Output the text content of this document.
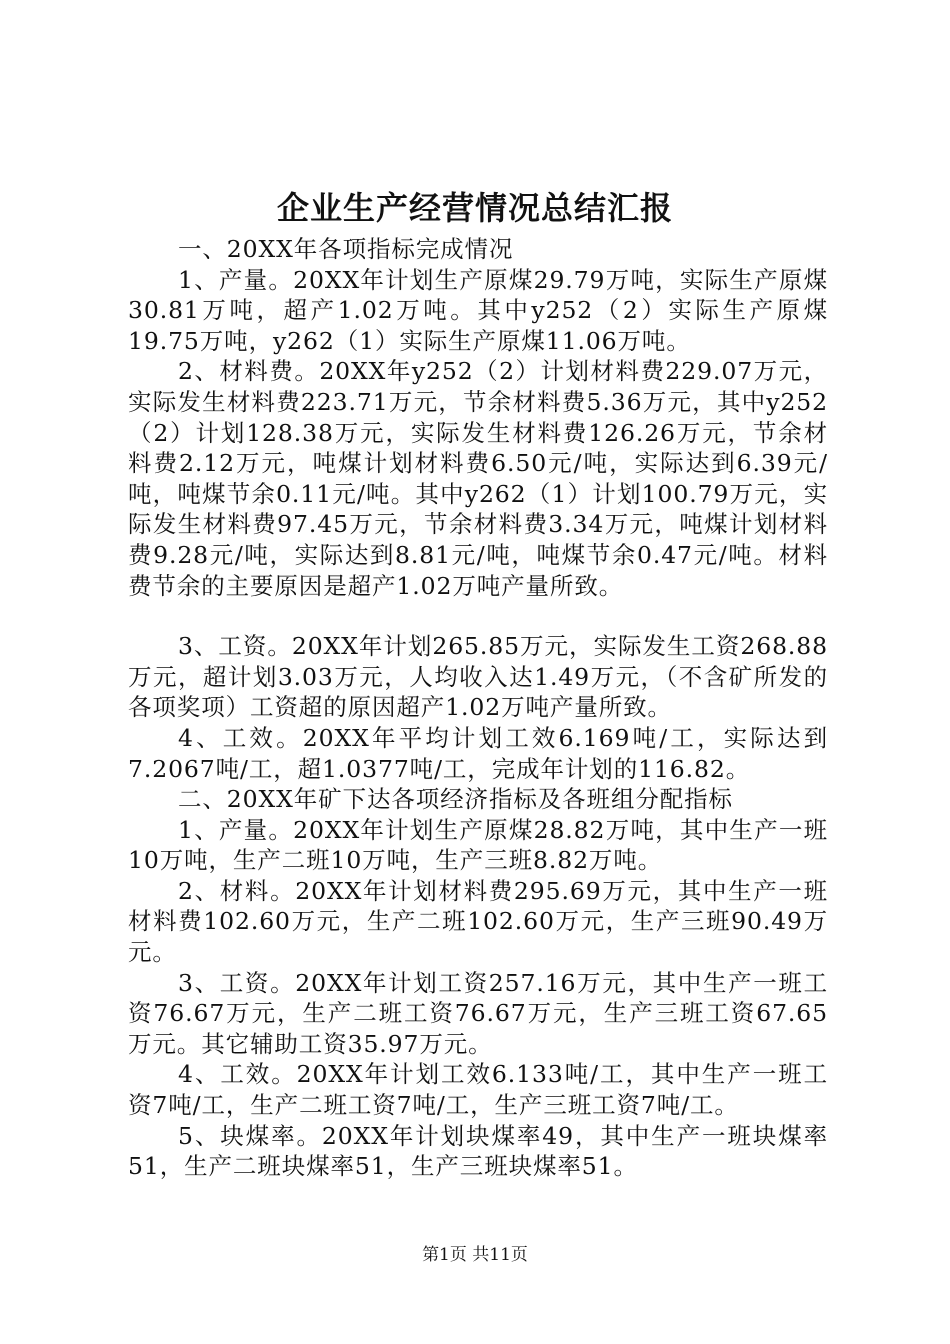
企业生产经营情况总结汇报

一、20XX年各项指标完成情况

1、产量。20XX年计划生产原煤29.79万吨，实际生产原煤30.81万吨，超产1.02万吨。其中y252（2）实际生产原煤19.75万吨，y262（1）实际生产原煤11.06万吨。

2、材料费。20XX年y252（2）计划材料费229.07万元，实际发生材料费223.71万元，节余材料费5.36万元，其中y252（2）计划128.38万元，实际发生材料费126.26万元，节余材料费2.12万元，吨煤计划材料费6.50元/吨，实际达到6.39元/吨，吨煤节余0.11元/吨。其中y262（1）计划100.79万元，实际发生材料费97.45万元，节余材料费3.34万元，吨煤计划材料费9.28元/吨，实际达到8.81元/吨，吨煤节余0.47元/吨。材料费节余的主要原因是超产1.02万吨产量所致。

3、工资。20XX年计划265.85万元，实际发生工资268.88万元，超计划3.03万元，人均收入达1.49万元，（不含矿所发的各项奖项）工资超的原因超产1.02万吨产量所致。

4、工效。20XX年平均计划工效6.169吨/工，实际达到7.2067吨/工，超1.0377吨/工，完成年计划的116.82。

二、20XX年矿下达各项经济指标及各班组分配指标

1、产量。20XX年计划生产原煤28.82万吨，其中生产一班10万吨，生产二班10万吨，生产三班8.82万吨。

2、材料。20XX年计划材料费295.69万元，其中生产一班材料费102.60万元，生产二班102.60万元，生产三班90.49万元。

3、工资。20XX年计划工资257.16万元，其中生产一班工资76.67万元，生产二班工资76.67万元，生产三班工资67.65万元。其它辅助工资35.97万元。

4、工效。20XX年计划工效6.133吨/工，其中生产一班工资7吨/工，生产二班工资7吨/工，生产三班工资7吨/工。

5、块煤率。20XX年计划块煤率49，其中生产一班块煤率51，生产二班块煤率51，生产三班块煤率51。

第1页 共11页
